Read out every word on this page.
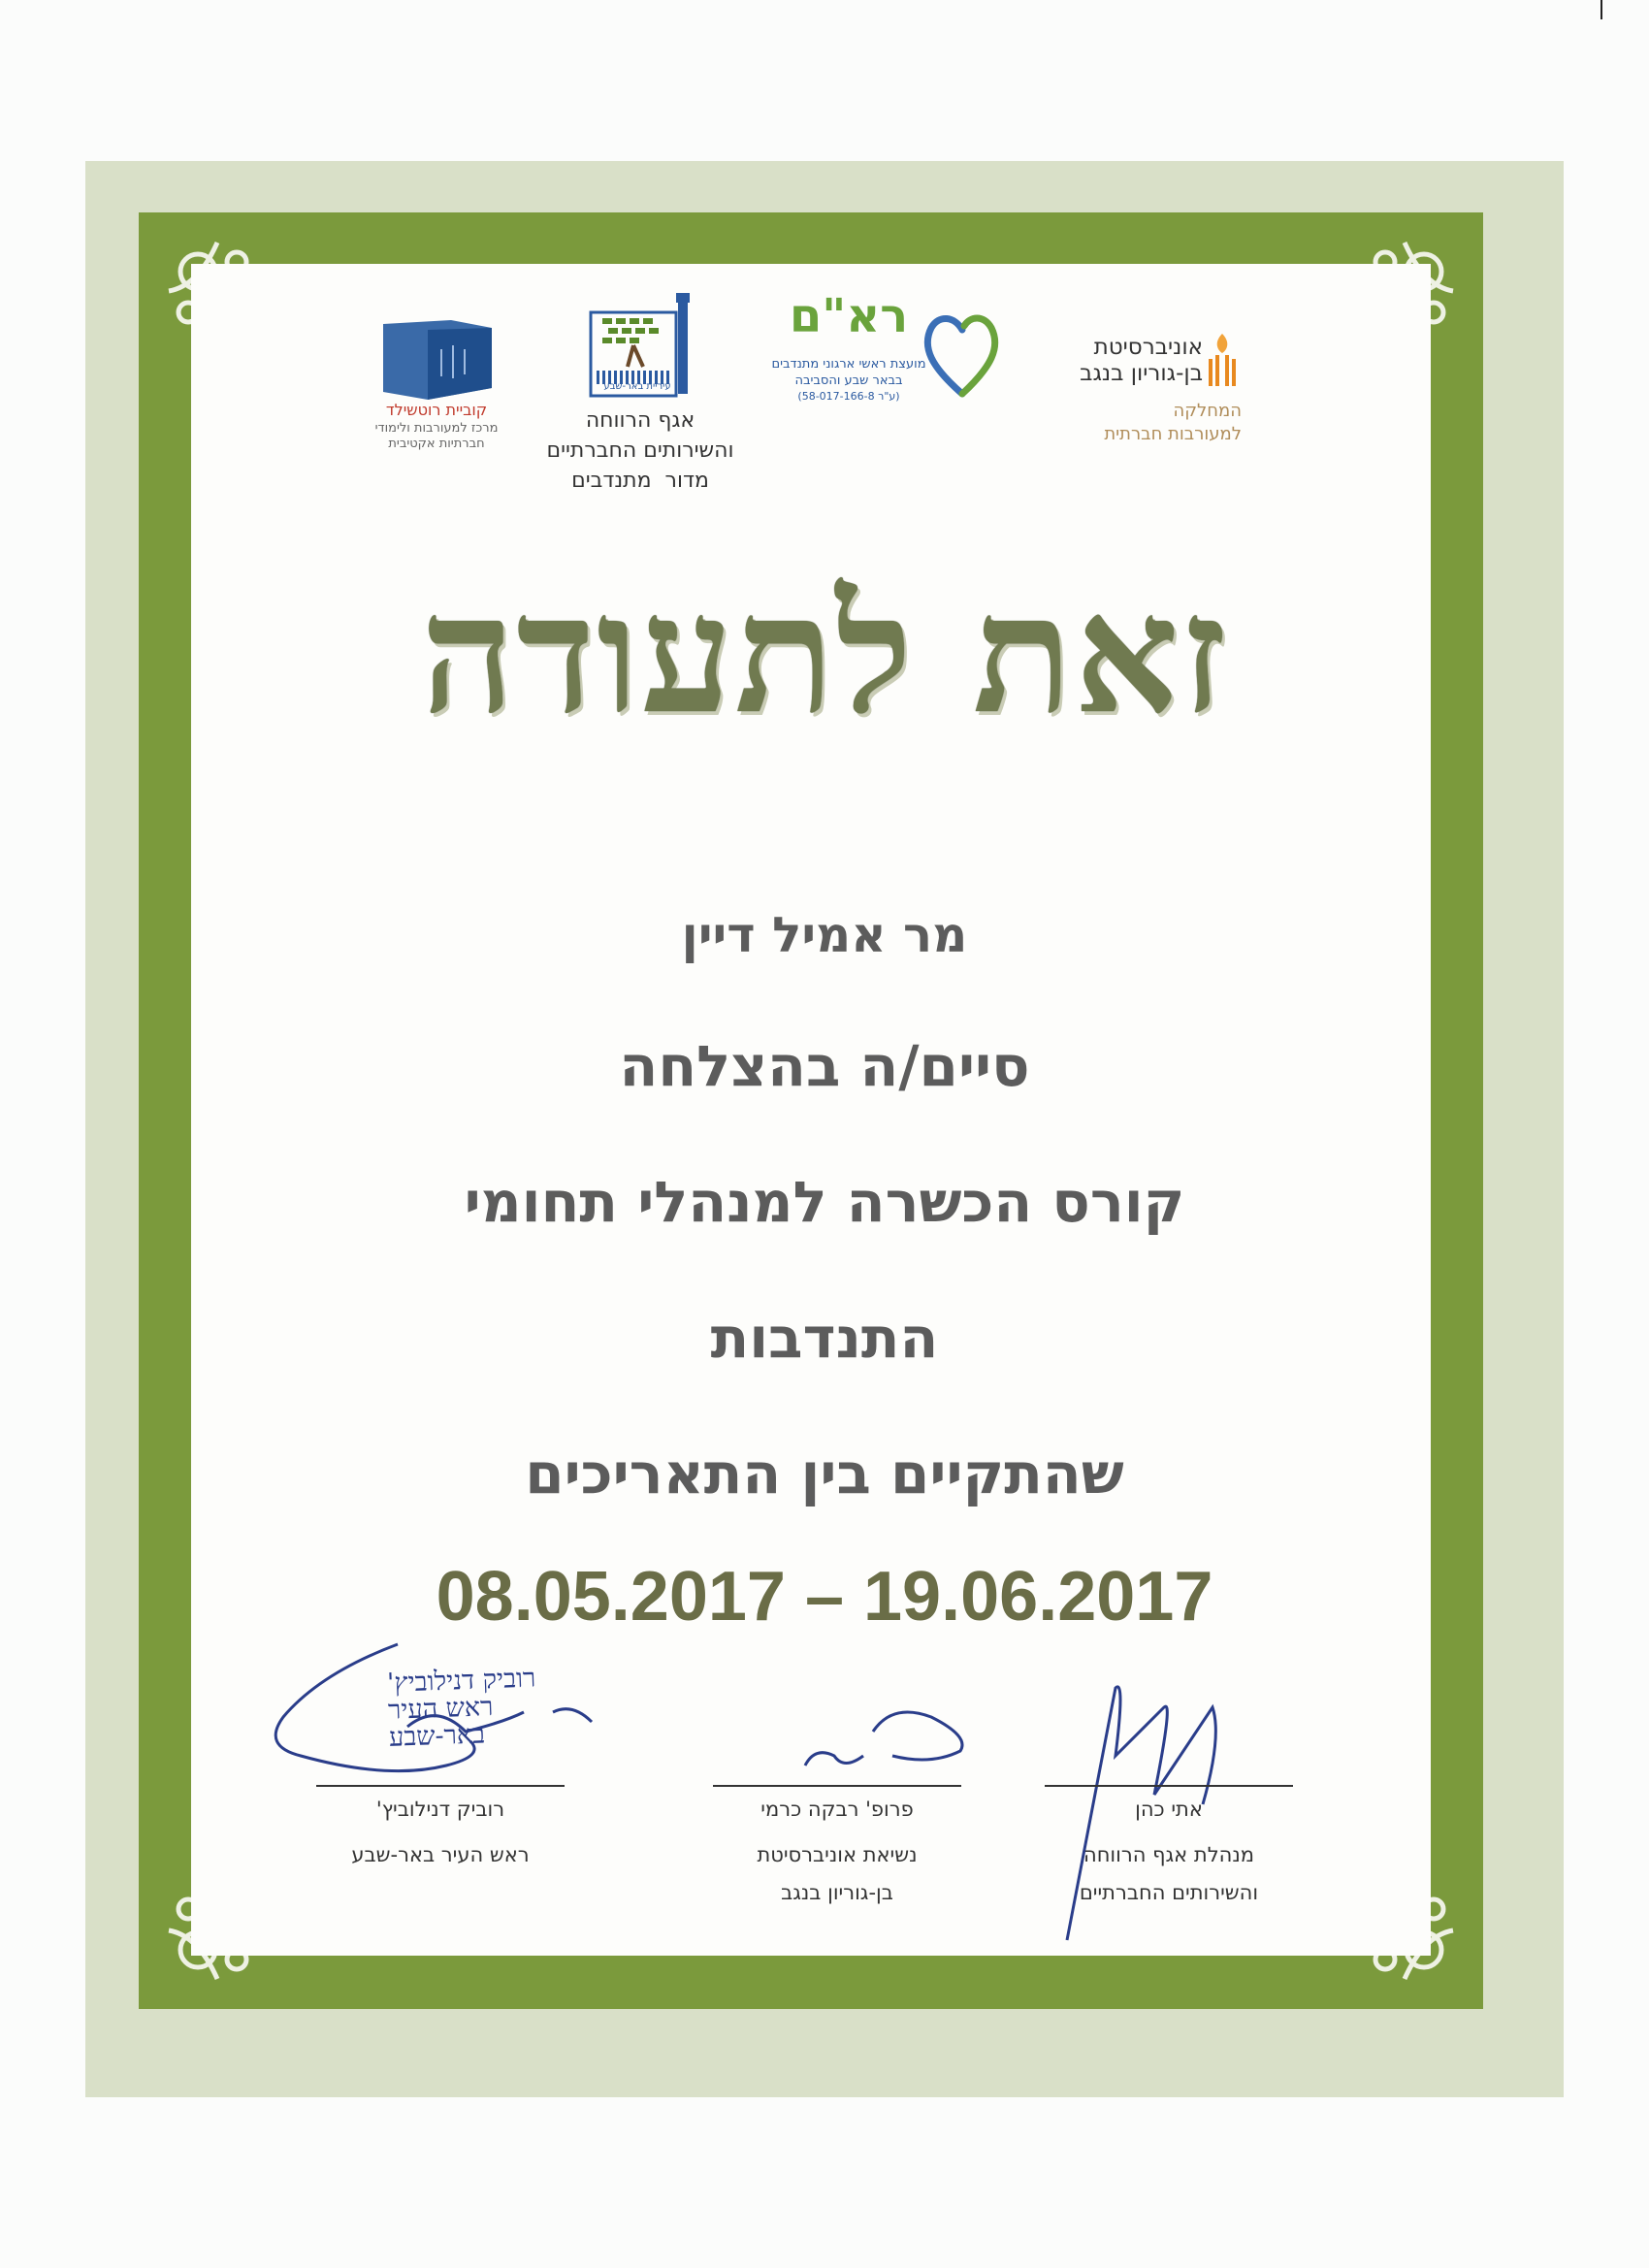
קוביית רוטשילד
מרכז למעורבות ולימודי
חברתיות אקטיבית
עיריית באר-שבע
אגף הרווחה
והשירותים החברתיים
מדור  מתנדבים
רא"ם
מועצת ראשי ארגוני מתנדבים
בבאר שבע והסביבה
(ע"ר 58-017-166-8)
אוניברסיטת
בן-גוריון בנגב
המחלקה
למעורבות חברתית
זאת לתעודה
מר אמיל דיין
סיים/ה בהצלחה
קורס הכשרה למנהלי תחומי
התנדבות
שהתקיים בין התאריכים
08.05.2017 – 19.06.2017
רוביק דנילוביץ'
ראש העיר
באר-שבע
אתי כהן
מנהלת אגף הרווחה
והשירותים החברתיים
פרופ' רבקה כרמי
נשיאת אוניברסיטת
בן-גוריון בנגב
רוביק דנילוביץ'
ראש העיר באר-שבע
